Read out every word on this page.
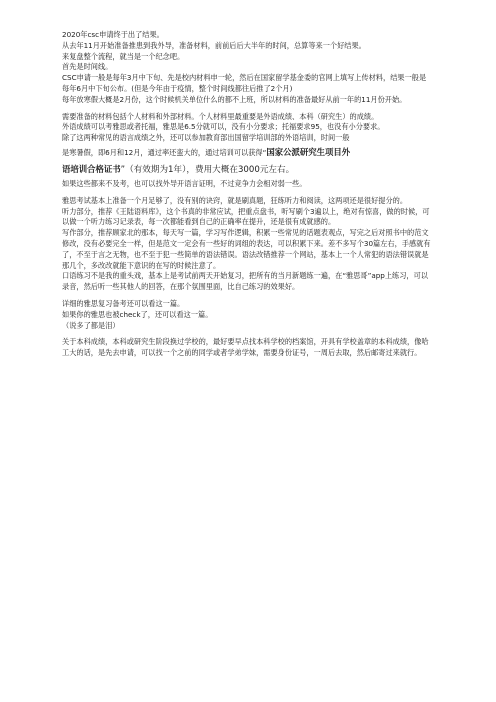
2020年csc申请终于出了结果。

从去年11月开始准备推患到我外导，准备材料，前前后后大半年的时间，总算等来一个好结果。

来复盘整个流程，就当是一个纪念吧。

首先是时间线。

CSC申请一般是每年3月中下旬、先是校内材料申一轮，然后在国家留学基金委的官网上填写上传材料，结果一般是每年6月中下旬公布。(但是今年由于疫情，整个时间线都往后推了2个月)

每年放寒假大概是2月份，这个时候机关单位什么的都不上班，所以材料的准备最好从前一年的11月份开始。

需要准备的材料包括个人材料和外部材料。个人材料里最重要是外语成绩、本科（研究生）的成绩。

外语成绩可以考雅思或者托福，雅思是6.5分就可以，没有小分要求；托福要求95，也没有小分要求。

除了这两种常见的语言成绩之外，还可以参加教育部出国留学培训部的外语培训，时间一般

是寒暑假，即6月和12月，通过率还蛮大的，通过培训可以获得“国家公派研究生项目外

语培训合格证书”（有效期为1年），费用大概在3000元左右。

如果这些都来不及考，也可以找外导开语言证明，不过竞争力会相对弱一些。

雅思考试基本上准备一个月足够了，没有别的诀窍，就是刷真题，狂练听力和阅读，这两项还是很好提分的。

听力部分，推荐《王陆语料库》，这个书真的非常应试，把重点盘书，听写刷个3遍以上，绝对有惊喜，做的时候，可以做一个听力练习记录表，每一次都能看到自己的正确率在提升，还是很有成就感的。

写作部分，推荐顾家北的那本，每天写一篇，学习写作逻辑，积累一些常见的话题表观点，写完之后对照书中的范文修改，没有必要完全一样，但是范文一定会有一些好的词组的表达，可以积累下来。差不多写个30篇左右，手感就有了，不至于言之无物，也不至于犯一些简单的语法错误。语法改错推荐一个网站，基本上一个人常犯的语法错误就是那几个，多改改就能下意识的在写的时候注意了。

口语练习不是我的重头戏，基本上是考试前两天开始复习，把所有的当月新题练一遍，在“雅思哥”app上练习，可以录音，然后听一些其他人的回答，在那个氛围里面，比自己练习的效果好。

详细的雅思复习备考还可以看这一篇。

如果你的雅思也被check了，还可以看这一篇。

（说多了都是泪）

关于本科成绩，本科或研究生阶段换过学校的，最好要早点找本科学校的档案馆，开具有学校盖章的本科成绩，像哈工大的话，是先去申请，可以找一个之前的同学或者学弟学妹，需要身份证号，一周后去取，然后邮寄过来就行。
